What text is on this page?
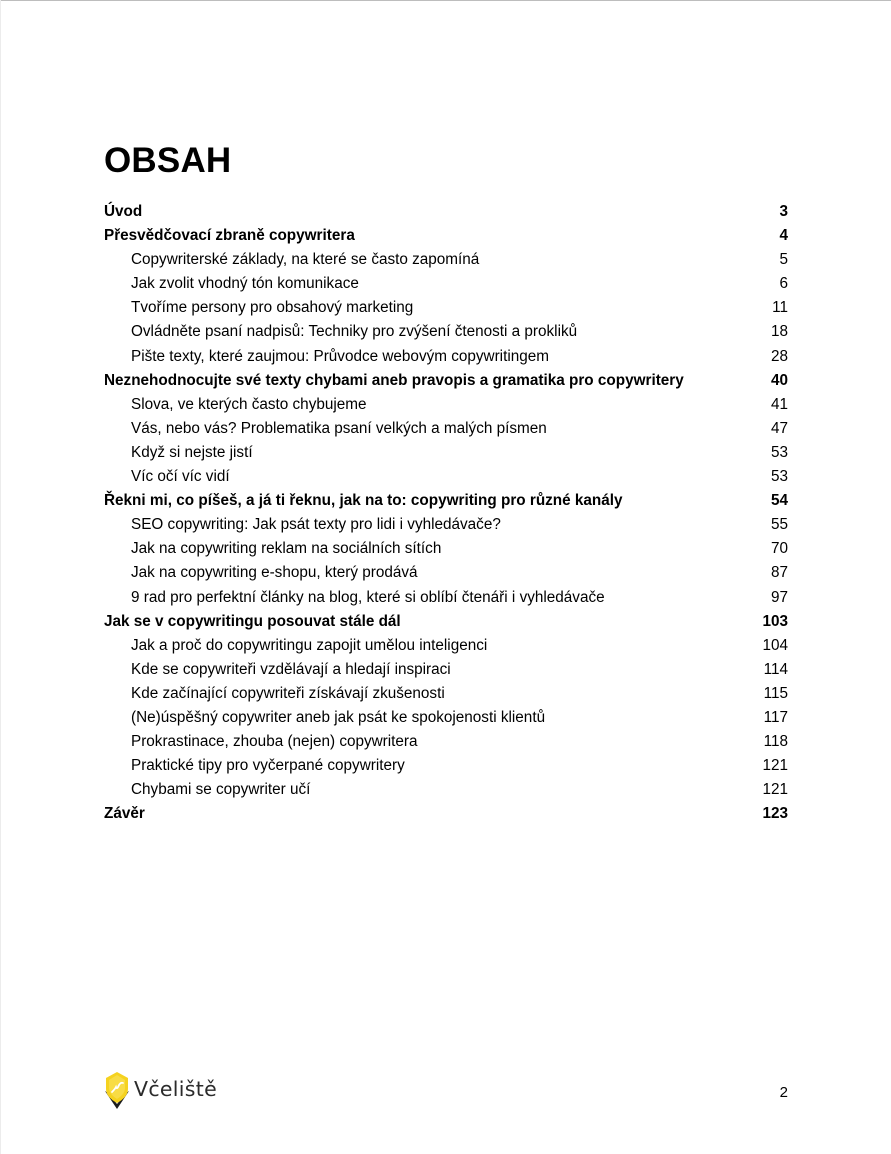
OBSAH
Úvod	3
Přesvědčovací zbraně copywritera	4
Copywriterské základy, na které se často zapomíná	5
Jak zvolit vhodný tón komunikace	6
Tvoříme persony pro obsahový marketing	11
Ovládněte psaní nadpisů: Techniky pro zvýšení čtenosti a prokliků	18
Pište texty, které zaujmou: Průvodce webovým copywritingem	28
Neznehodnocujte své texty chybami aneb pravopis a gramatika pro copywritery	40
Slova, ve kterých často chybujeme	41
Vás, nebo vás? Problematika psaní velkých a malých písmen	47
Když si nejste jistí	53
Víc očí víc vidí	53
Řekni mi, co píšeš, a já ti řeknu, jak na to: copywriting pro různé kanály	54
SEO copywriting: Jak psát texty pro lidi i vyhledávače?	55
Jak na copywriting reklam na sociálních sítích	70
Jak na copywriting e-shopu, který prodává	87
9 rad pro perfektní články na blog, které si oblíbí čtenáři i vyhledávače	97
Jak se v copywritingu posouvat stále dál	103
Jak a proč do copywritingu zapojit umělou inteligenci	104
Kde se copywriteři vzdělávají a hledají inspiraci	114
Kde začínající copywriteři získávají zkušenosti	115
(Ne)úspěšný copywriter aneb jak psát ke spokojenosti klientů	117
Prokrastinace, zhouba (nejen) copywritera	118
Praktické tipy pro vyčerpané copywritery	121
Chybami se copywriter učí	121
Závěr	123
Včeliště	2
